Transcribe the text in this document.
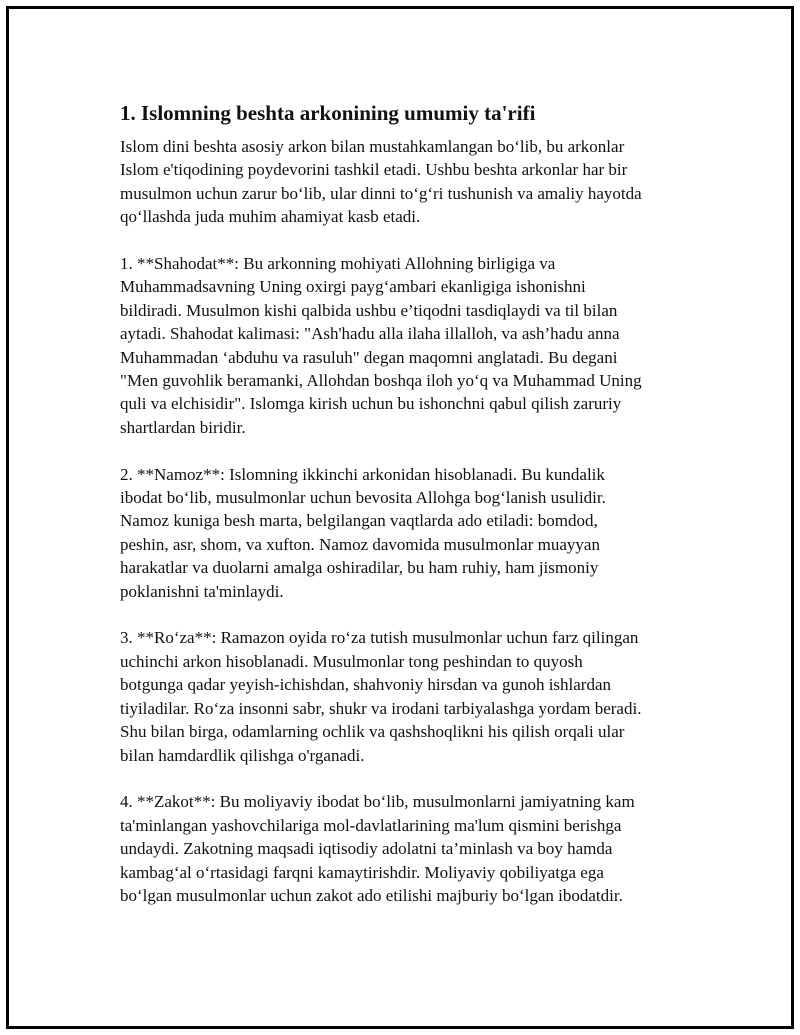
1. Islomning beshta arkonining umumiy ta'rifi
Islom dini beshta asosiy arkon bilan mustahkamlangan bo‘lib, bu arkonlar
Islom e'tiqodining poydevorini tashkil etadi. Ushbu beshta arkonlar har bir
musulmon uchun zarur bo‘lib, ular dinni to‘g‘ri tushunish va amaliy hayotda
qo‘llashda juda muhim ahamiyat kasb etadi.
1. **Shahodat**: Bu arkonning mohiyati Allohning birligiga va
Muhammadsavning Uning oxirgi payg‘ambari ekanligiga ishonishni
bildiradi. Musulmon kishi qalbida ushbu e’tiqodni tasdiqlaydi va til bilan
aytadi. Shahodat kalimasi: "Ash'hadu alla ilaha illalloh, va ash’hadu anna
Muhammadan ‘abduhu va rasuluh" degan maqomni anglatadi. Bu degani
"Men guvohlik beramanki, Allohdan boshqa iloh yo‘q va Muhammad Uning
quli va elchisidir". Islomga kirish uchun bu ishonchni qabul qilish zaruriy
shartlardan biridir.
2. **Namoz**: Islomning ikkinchi arkonidan hisoblanadi. Bu kundalik
ibodat bo‘lib, musulmonlar uchun bevosita Allohga bog‘lanish usulidir.
Namoz kuniga besh marta, belgilangan vaqtlarda ado etiladi: bomdod,
peshin, asr, shom, va xufton. Namoz davomida musulmonlar muayyan
harakatlar va duolarni amalga oshiradilar, bu ham ruhiy, ham jismoniy
poklanishni ta'minlaydi.
3. **Ro‘za**: Ramazon oyida ro‘za tutish musulmonlar uchun farz qilingan
uchinchi arkon hisoblanadi. Musulmonlar tong peshindan to quyosh
botgunga qadar yeyish-ichishdan, shahvoniy hirsdan va gunoh ishlardan
tiyiladilar. Ro‘za insonni sabr, shukr va irodani tarbiyalashga yordam beradi.
Shu bilan birga, odamlarning ochlik va qashshoqlikni his qilish orqali ular
bilan hamdardlik qilishga o'rganadi.
4. **Zakot**: Bu moliyaviy ibodat bo‘lib, musulmonlarni jamiyatning kam
ta'minlangan yashovchilariga mol-davlatlarining ma'lum qismini berishga
undaydi. Zakotning maqsadi iqtisodiy adolatni ta’minlash va boy hamda
kambag‘al o‘rtasidagi farqni kamaytirishdir. Moliyaviy qobiliyatga ega
bo‘lgan musulmonlar uchun zakot ado etilishi majburiy bo‘lgan ibodatdir.
